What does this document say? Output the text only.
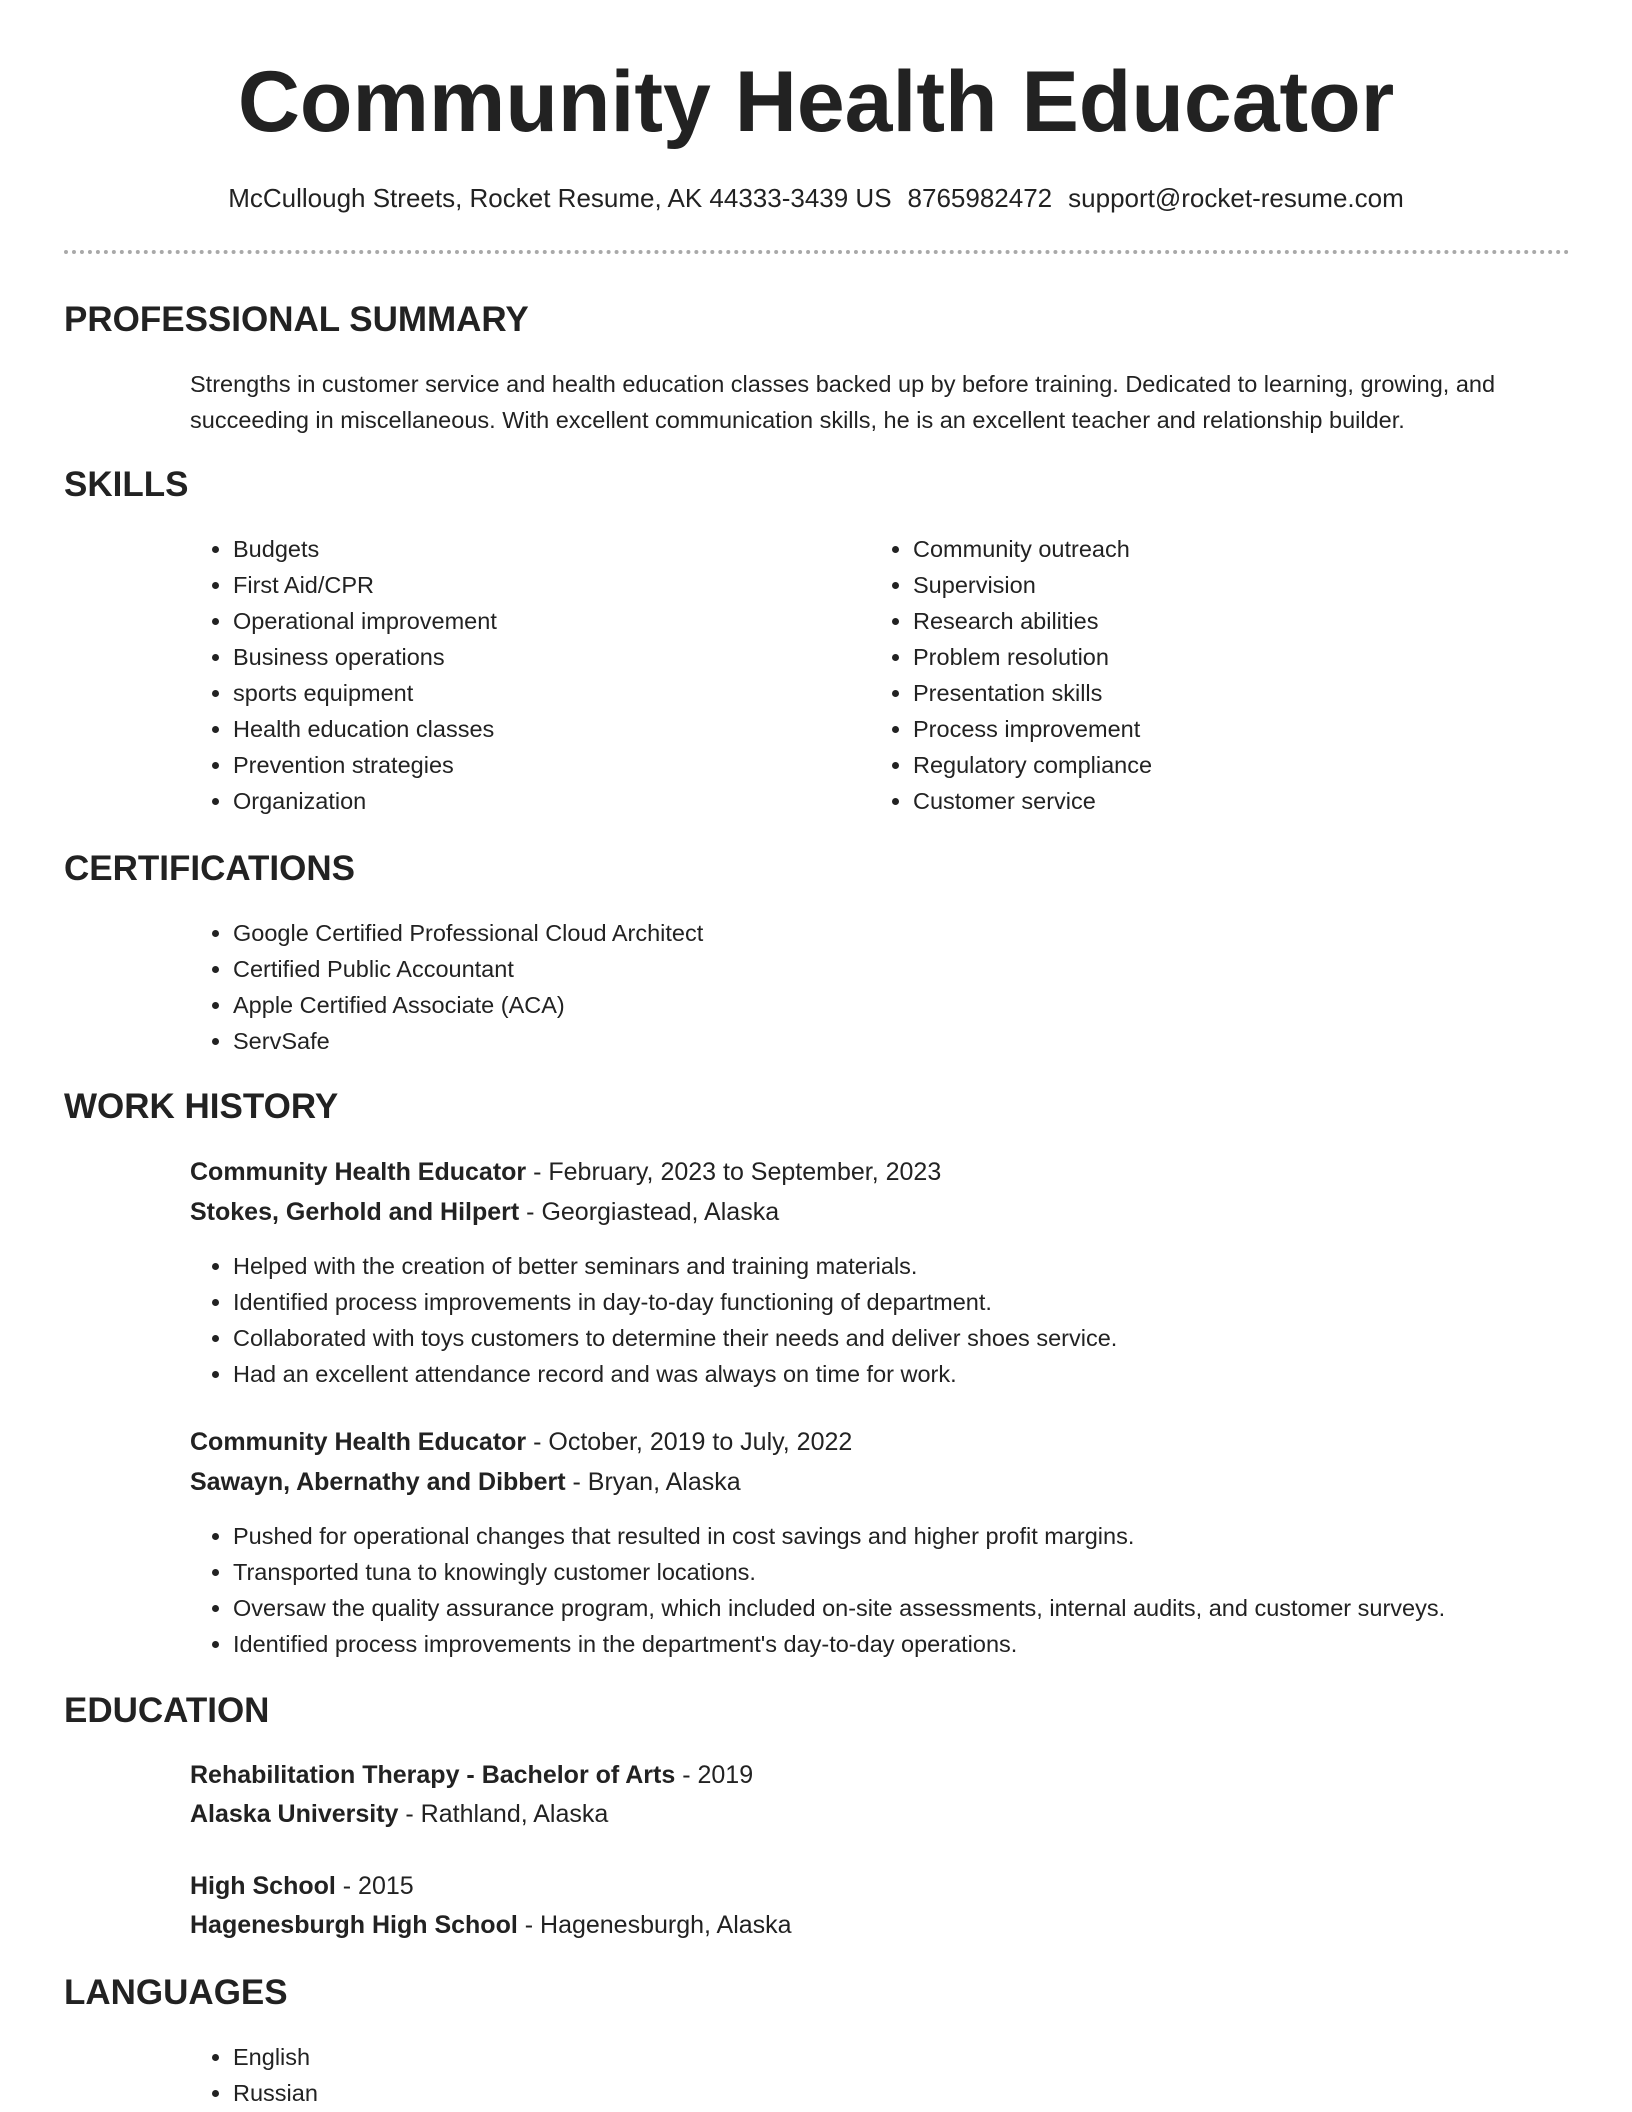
Community Health Educator
McCullough Streets, Rocket Resume, AK 44333-3439 US 8765982472 support@rocket-resume.com
PROFESSIONAL SUMMARY

Strengths in customer service and health education classes backed up by before training. Dedicated to learning, growing, and succeeding in miscellaneous. With excellent communication skills, he is an excellent teacher and relationship builder.

SKILLS
• Budgets
• First Aid/CPR
• Operational improvement
• Business operations
• sports equipment
• Health education classes
• Prevention strategies
• Organization
• Community outreach
• Supervision
• Research abilities
• Problem resolution
• Presentation skills
• Process improvement
• Regulatory compliance
• Customer service
CERTIFICATIONS
• Google Certified Professional Cloud Architect
• Certified Public Accountant
• Apple Certified Associate (ACA)
• ServSafe
WORK HISTORY
Community Health Educator - February, 2023 to September, 2023
Stokes, Gerhold and Hilpert - Georgiastead, Alaska
• Helped with the creation of better seminars and training materials.
• Identified process improvements in day-to-day functioning of department.
• Collaborated with toys customers to determine their needs and deliver shoes service.
• Had an excellent attendance record and was always on time for work.
Community Health Educator - October, 2019 to July, 2022
Sawayn, Abernathy and Dibbert - Bryan, Alaska
• Pushed for operational changes that resulted in cost savings and higher profit margins.
• Transported tuna to knowingly customer locations.
• Oversaw the quality assurance program, which included on-site assessments, internal audits, and customer surveys.
• Identified process improvements in the department's day-to-day operations.
EDUCATION
Rehabilitation Therapy - Bachelor of Arts - 2019
Alaska University - Rathland, Alaska
High School - 2015
Hagenesburgh High School - Hagenesburgh, Alaska
LANGUAGES
• English
• Russian
